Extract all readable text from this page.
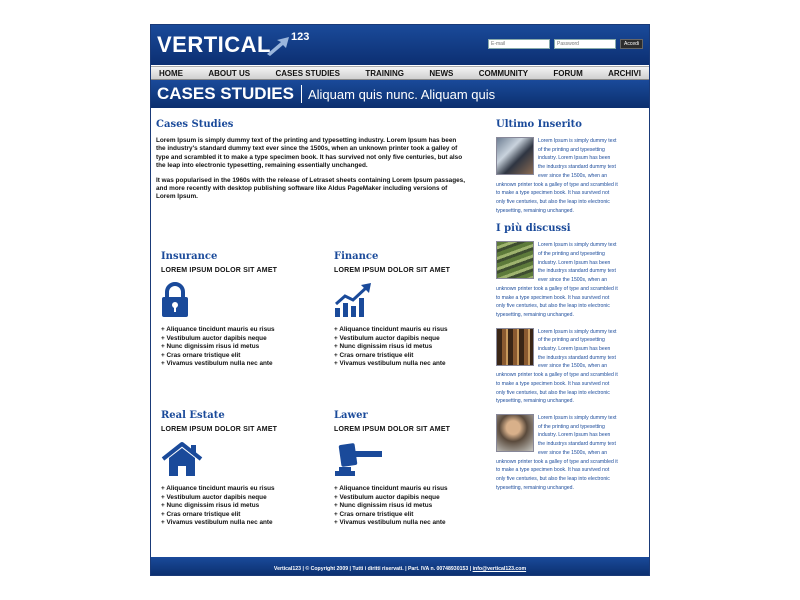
VERTICAL 123
E-mail
Accedi
HOME	ABOUT US	CASES STUDIES	TRAINING	NEWS	COMMUNITY	FORUM	ARCHIVI
CASES STUDIES Aliquam quis nunc. Aliquam quis
Cases Studies

Lorem Ipsum is simply dummy text of the printing and typesetting industry. Lorem Ipsum has been the industry's standard dummy text ever since the 1500s, when an unknown printer took a galley of type and scrambled it to make a type specimen book. It has survived not only five centuries, but also the leap into electronic typesetting, remaining essentially unchanged.

It was popularised in the 1960s with the release of Letraset sheets containing Lorem Ipsum passages, and more recently with desktop publishing software like Aldus PageMaker including versions of Lorem Ipsum.

Insurance
LOREM IPSUM DOLOR SIT AMET
+ Aliquance tincidunt mauris eu risus
+ Vestibulum auctor dapibis neque
+ Nunc dignissim risus id metus
+ Cras ornare tristique elit
+ Vivamus vestibulum nulla nec ante
Finance
LOREM IPSUM DOLOR SIT AMET
+ Aliquance tincidunt mauris eu risus
+ Vestibulum auctor dapibis neque
+ Nunc dignissim risus id metus
+ Cras ornare tristique elit
+ Vivamus vestibulum nulla nec ante
Real Estate
LOREM IPSUM DOLOR SIT AMET
+ Aliquance tincidunt mauris eu risus
+ Vestibulum auctor dapibis neque
+ Nunc dignissim risus id metus
+ Cras ornare tristique elit
+ Vivamus vestibulum nulla nec ante
Lawer
LOREM IPSUM DOLOR SIT AMET
+ Aliquance tincidunt mauris eu risus
+ Vestibulum auctor dapibis neque
+ Nunc dignissim risus id metus
+ Cras ornare tristique elit
+ Vivamus vestibulum nulla nec ante
Ultimo Inserito
Lorem Ipsum is simply dummy text of the printing and typesetting industry. Lorem Ipsum has been the industrys standard dummy text ever since the 1500s, when an unknown printer took a galley of type and scrambled it to make a type specimen book. It has survived not only five centuries, but also the leap into electronic typesetting, remaining unchanged.
I più discussi
Lorem Ipsum is simply dummy text of the printing and typesetting industry. Lorem Ipsum has been the industrys standard dummy text ever since the 1500s, when an unknown printer took a galley of type and scrambled it to make a type specimen book. It has survived not only five centuries, but also the leap into electronic typesetting, remaining unchanged.
Lorem Ipsum is simply dummy text of the printing and typesetting industry. Lorem Ipsum has been the industrys standard dummy text ever since the 1500s, when an unknown printer took a galley of type and scrambled it to make a type specimen book. It has survived not only five centuries, but also the leap into electronic typesetting, remaining unchanged.
Lorem Ipsum is simply dummy text of the printing and typesetting industry. Lorem Ipsum has been the industrys standard dummy text ever since the 1500s, when an unknown printer took a galley of type and scrambled it to make a type specimen book. It has survived not only five centuries, but also the leap into electronic typesetting, remaining unchanged.
Vertical123 | © Copyright 2009 | Tutti i diritti riservati. | Part. IVA n. 00748930153 | info@vertical123.com
